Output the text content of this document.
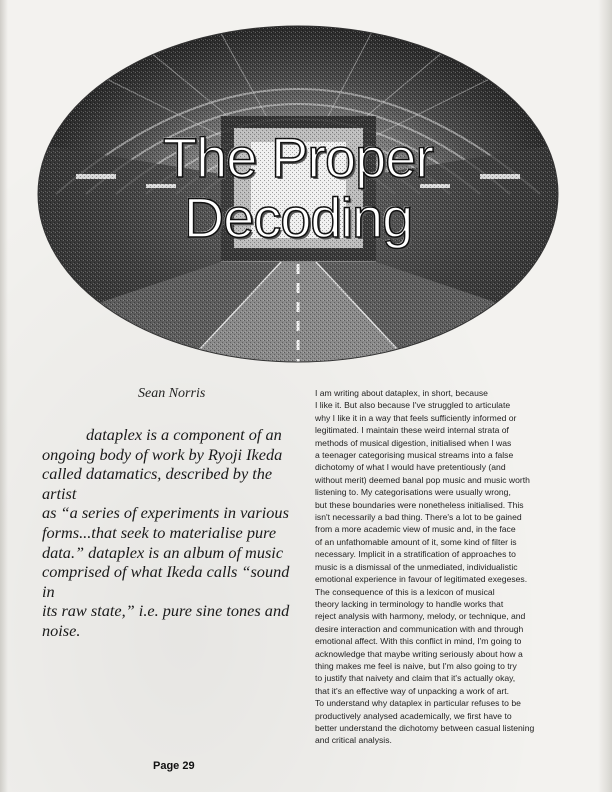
The Proper
Decoding
Sean Norris
dataplex is a component of an
ongoing body of work by Ryoji Ikeda
called datamatics, described by the artist
as “a series of experiments in various
forms...that seek to materialise pure
data.” dataplex is an album of music
comprised of what Ikeda calls “sound in
its raw state,” i.e. pure sine tones and
noise.
I am writing about dataplex, in short, because
I like it. But also because I've struggled to articulate
why I like it in a way that feels sufficiently informed or
legitimated. I maintain these weird internal strata of
methods of musical digestion, initialised when I was
a teenager categorising musical streams into a false
dichotomy of what I would have pretentiously (and
without merit) deemed banal pop music and music worth
listening to. My categorisations were usually wrong,
but these boundaries were nonetheless initialised. This
isn't necessarily a bad thing. There's a lot to be gained
from a more academic view of music and, in the face
of an unfathomable amount of it, some kind of filter is
necessary. Implicit in a stratification of approaches to
music is a dismissal of the unmediated, individualistic
emotional experience in favour of legitimated exegeses.
The consequence of this is a lexicon of musical
theory lacking in terminology to handle works that
reject analysis with harmony, melody, or technique, and
desire interaction and communication with and through
emotional affect. With this conflict in mind, I'm going to
acknowledge that maybe writing seriously about how a
thing makes me feel is naive, but I'm also going to try
to justify that naivety and claim that it's actually okay,
that it's an effective way of unpacking a work of art.
To understand why dataplex in particular refuses to be
productively analysed academically, we first have to
better understand the dichotomy between casual listening
and critical analysis.
Page 29
